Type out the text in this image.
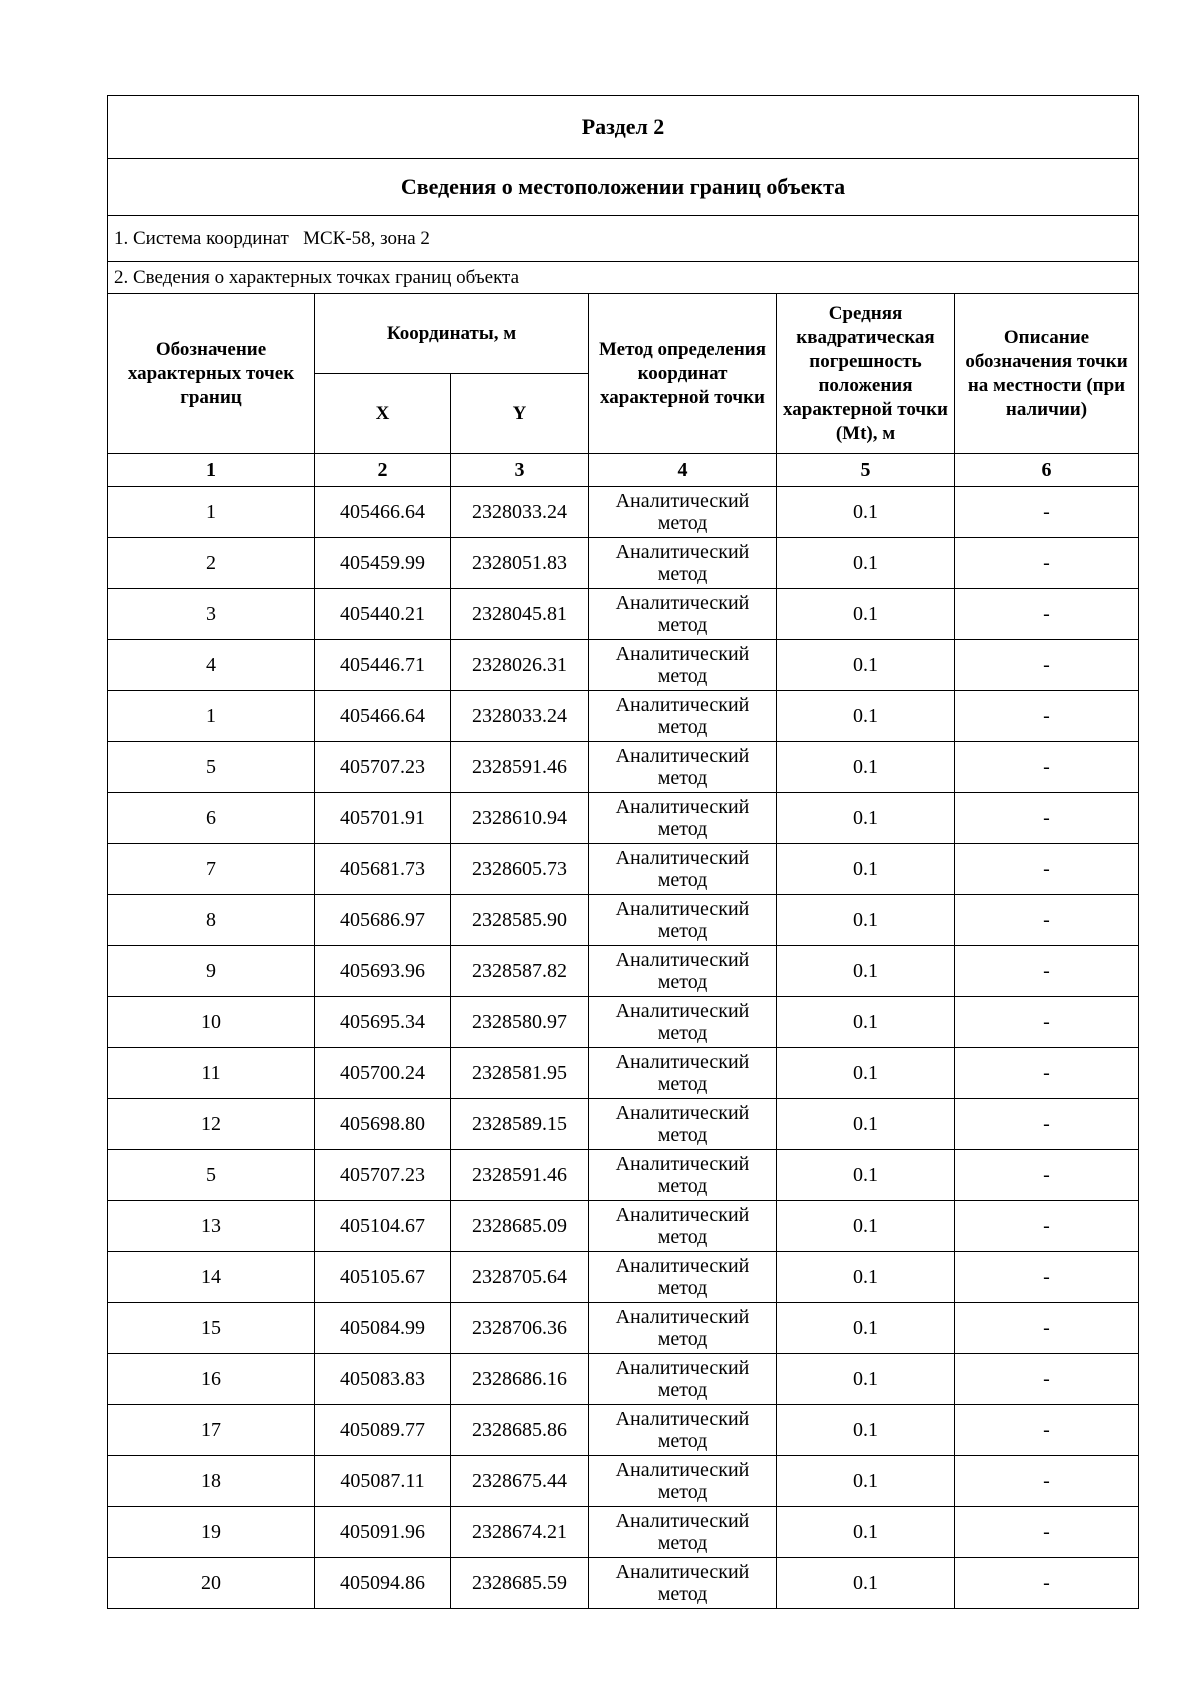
Раздел 2					
Сведения о местоположении границ объекта					
1. Система координат   МСК-58, зона 2					
2. Сведения о характерных точках границ объекта					
Обозначение характерных точек границ	Координаты, м		Метод определения координат характерной точки	Средняя квадратическая погрешность положения характерной точки (Mt), м	Описание обозначения точки на местности (при наличии)
	X	Y			
1	2	3	4	5	6
1	405466.64	2328033.24	Аналитический метод	0.1	-
2	405459.99	2328051.83	Аналитический метод	0.1	-
3	405440.21	2328045.81	Аналитический метод	0.1	-
4	405446.71	2328026.31	Аналитический метод	0.1	-
1	405466.64	2328033.24	Аналитический метод	0.1	-
5	405707.23	2328591.46	Аналитический метод	0.1	-
6	405701.91	2328610.94	Аналитический метод	0.1	-
7	405681.73	2328605.73	Аналитический метод	0.1	-
8	405686.97	2328585.90	Аналитический метод	0.1	-
9	405693.96	2328587.82	Аналитический метод	0.1	-
10	405695.34	2328580.97	Аналитический метод	0.1	-
11	405700.24	2328581.95	Аналитический метод	0.1	-
12	405698.80	2328589.15	Аналитический метод	0.1	-
5	405707.23	2328591.46	Аналитический метод	0.1	-
13	405104.67	2328685.09	Аналитический метод	0.1	-
14	405105.67	2328705.64	Аналитический метод	0.1	-
15	405084.99	2328706.36	Аналитический метод	0.1	-
16	405083.83	2328686.16	Аналитический метод	0.1	-
17	405089.77	2328685.86	Аналитический метод	0.1	-
18	405087.11	2328675.44	Аналитический метод	0.1	-
19	405091.96	2328674.21	Аналитический метод	0.1	-
20	405094.86	2328685.59	Аналитический метод	0.1	-
